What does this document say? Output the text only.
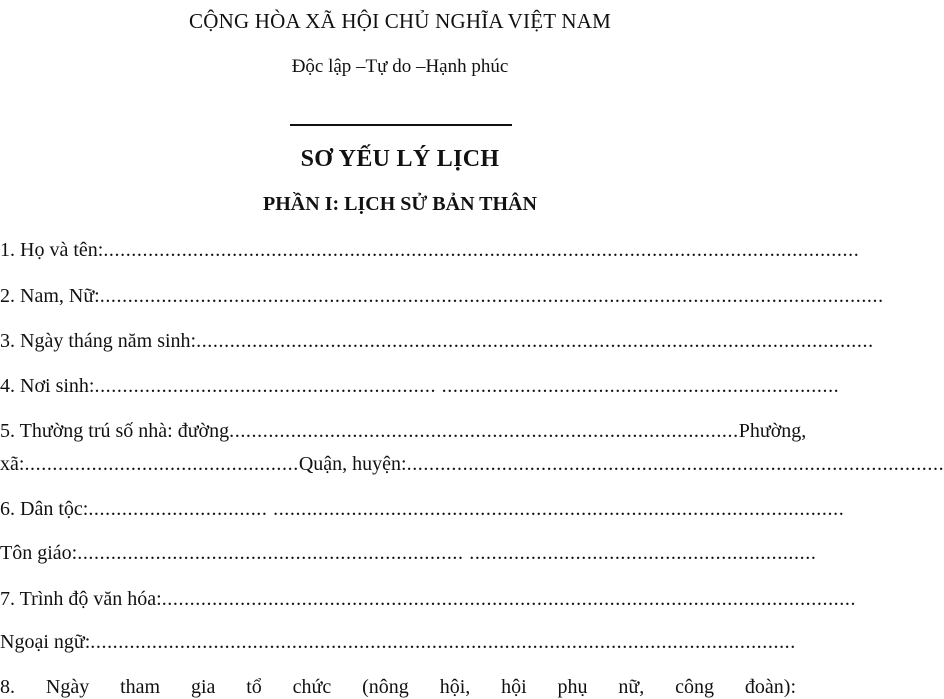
CỘNG HÒA XÃ HỘI CHỦ NGHĨA VIỆT NAM
Độc lập –Tự do –Hạnh phúc
SƠ YẾU LÝ LỊCH
PHẦN I: LỊCH SỬ BẢN THÂN
1. Họ và tên:.......................................................................................................................................
2. Nam, Nữ:............................................................................................................................................
3. Ngày tháng năm sinh:.........................................................................................................................
4. Nơi sinh:............................................................. .......................................................................
5. Thường trú số nhà: đường...........................................................................................Phường,
xã:.................................................Quận, huyện:................................................................................................
6. Dân tộc:................................ ......................................................................................................
Tôn giáo:..................................................................... ..............................................................
7. Trình độ văn hóa:............................................................................................................................
Ngoại ngữ:..............................................................................................................................
8. Ngày tham gia tổ chức (nông hội, hội phụ nữ, công đoàn):
